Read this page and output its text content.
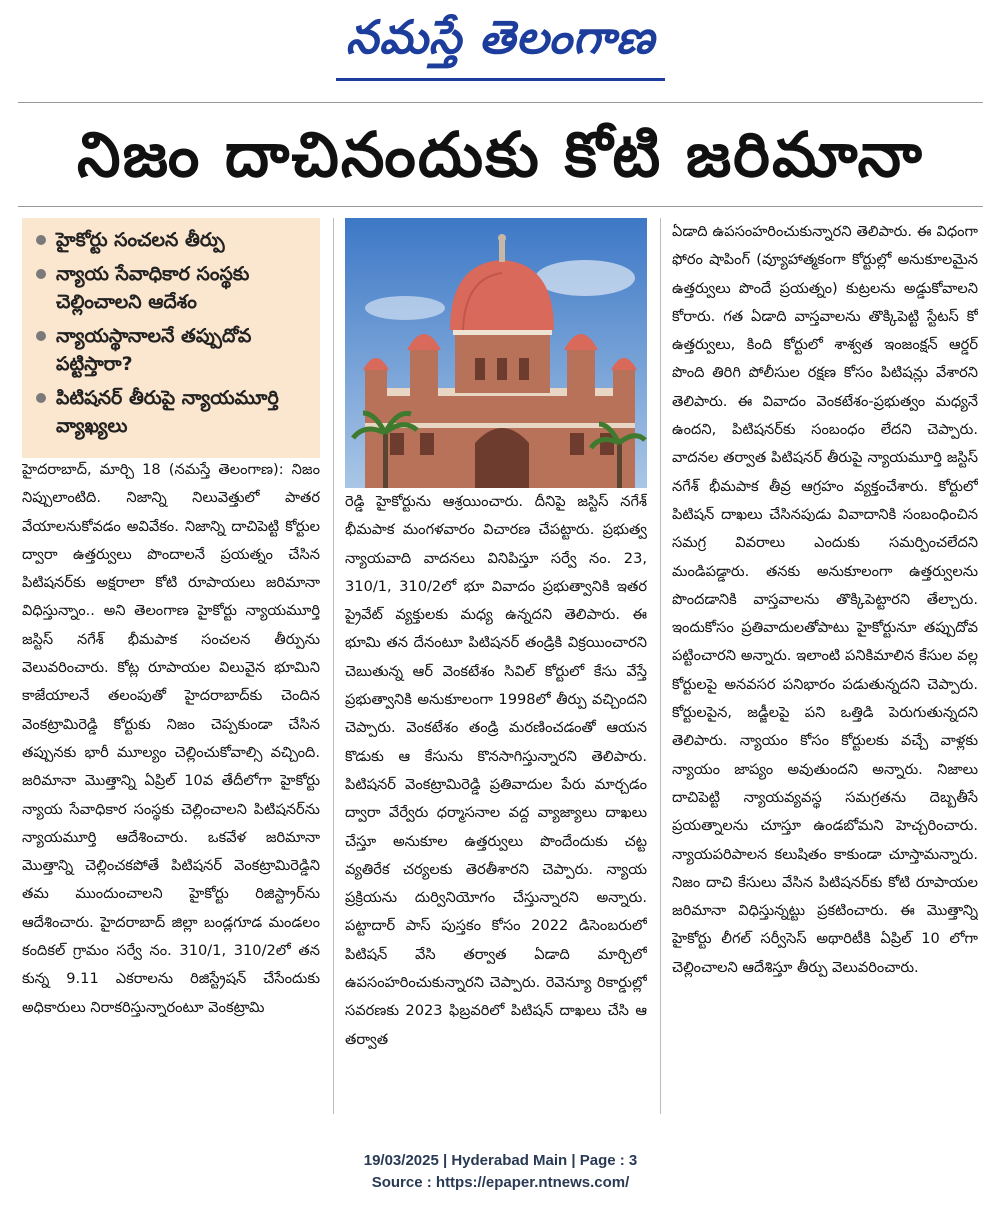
నమస్తే తెలంగాణ
నిజం దాచినందుకు కోటి జరిమానా
హైకోర్టు సంచలన తీర్పు
న్యాయ సేవాధికార సంస్థకు చెల్లించాలని ఆదేశం
న్యాయస్థానాలనే తప్పుదోవ పట్టిస్తారా?
పిటిషనర్ తీరుపై న్యాయమూర్తి వ్యాఖ్యలు

హైదరాబాద్, మార్చి 18 (నమస్తే తెలంగాణ): నిజం నిప్పులాంటిది. నిజాన్ని నిలువెత్తులో పాతర వేయాలనుకోవడం అవివేకం. నిజాన్ని దాచిపెట్టి కోర్టుల ద్వారా ఉత్తర్వులు పొందాలనే ప్రయత్నం చేసిన పిటిషనర్‌కు అక్షరాలా కోటి రూపాయలు జరిమానా విధిస్తున్నాం.. అని తెలంగాణ హైకోర్టు న్యాయమూర్తి జస్టిస్ నగేశ్ భీమపాక సంచలన తీర్పును వెలువరించారు. కోట్ల రూపాయల విలువైన భూమిని కాజేయాలనే తలంపుతో హైదరాబాద్‌కు చెందిన వెంకట్రామిరెడ్డి కోర్టుకు నిజం చెప్పకుండా చేసిన తప్పునకు భారీ మూల్యం చెల్లించుకోవాల్సి వచ్చింది. జరిమానా మొత్తాన్ని ఏప్రిల్ 10వ తేదీలోగా హైకోర్టు న్యాయ సేవాధికార సంస్థకు చెల్లించాలని పిటిషనర్‌ను న్యాయమూర్తి ఆదేశించారు. ఒకవేళ జరిమానా మొత్తాన్ని చెల్లించకపోతే పిటిషనర్ వెంకట్రామిరెడ్డిని తమ ముందుంచాలని హైకోర్టు రిజిస్ట్రార్‌ను ఆదేశించారు. హైదరాబాద్ జిల్లా బండ్లగూడ మండలం కందికల్ గ్రామం సర్వే నం. 310/1, 310/2లో తన కున్న 9.11 ఎకరాలను రిజిస్ట్రేషన్ చేసేందుకు అధికారులు నిరాకరిస్తున్నారంటూ వెంకట్రామి

రెడ్డి హైకోర్టును ఆశ్రయించారు. దీనిపై జస్టిస్ నగేశ్ భీమపాక మంగళవారం విచారణ చేపట్టారు. ప్రభుత్వ న్యాయవాది వాదనలు వినిపిస్తూ సర్వే నం. 23, 310/1, 310/2లో భూ వివాదం ప్రభుత్వానికి ఇతర ప్రైవేట్ వ్యక్తులకు మధ్య ఉన్నదని తెలిపారు. ఈ భూమి తన దేనంటూ పిటిషనర్ తండ్రికి విక్రయించారని చెబుతున్న ఆర్ వెంకటేశం సివిల్ కోర్టులో కేసు వేస్తే ప్రభుత్వానికి అనుకూలంగా 1998లో తీర్పు వచ్చిందని చెప్పారు. వెంకటేశం తండ్రి మరణించడంతో ఆయన కొడుకు ఆ కేసును కొనసాగిస్తున్నారని తెలిపారు. పిటిషనర్ వెంకట్రామిరెడ్డి ప్రతివాదుల పేరు మార్చడం ద్వారా వేర్వేరు ధర్మాసనాల వద్ద వ్యాజ్యాలు దాఖలు చేస్తూ అనుకూల ఉత్తర్వులు పొందేందుకు చట్ట వ్యతిరేక చర్యలకు తెరతీశారని చెప్పారు. న్యాయ ప్రక్రియను దుర్వినియోగం చేస్తున్నారని అన్నారు. పట్టాదార్ పాస్ పుస్తకం కోసం 2022 డిసెంబరులో పిటిషన్ వేసి తర్వాత ఏడాది మార్చిలో ఉపసంహరించుకున్నారని చెప్పారు. రెవెన్యూ రికార్డుల్లో సవరణకు 2023 ఫిబ్రవరిలో పిటిషన్ దాఖలు చేసి ఆ తర్వాత

ఏడాది ఉపసంహరించుకున్నారని తెలిపారు. ఈ విధంగా ఫోరం షాపింగ్ (వ్యూహాత్మకంగా కోర్టుల్లో అనుకూలమైన ఉత్తర్వులు పొందే ప్రయత్నం) కుట్రలను అడ్డుకోవాలని కోరారు. గత ఏడాది వాస్తవాలను తొక్కిపెట్టి స్టేటస్ కో ఉత్తర్వులు, కింది కోర్టులో శాశ్వత ఇంజంక్షన్ ఆర్డర్ పొంది తిరిగి పోలీసుల రక్షణ కోసం పిటిషన్లు వేశారని తెలిపారు. ఈ వివాదం వెంకటేశం-ప్రభుత్వం మధ్యనే ఉందని, పిటిషనర్‌కు సంబంధం లేదని చెప్పారు. వాదనల తర్వాత పిటిషనర్ తీరుపై న్యాయమూర్తి జస్టిస్ నగేశ్ భీమపాక తీవ్ర ఆగ్రహం వ్యక్తంచేశారు. కోర్టులో పిటిషన్ దాఖలు చేసినపుడు వివాదానికి సంబంధించిన సమగ్ర వివరాలు ఎందుకు సమర్పించలేదని మండిపడ్డారు. తనకు అనుకూలంగా ఉత్తర్వులను పొందడానికి వాస్తవాలను తొక్కిపెట్టారని తేల్చారు. ఇందుకోసం ప్రతివాదులతోపాటు హైకోర్టునూ తప్పుదోవ పట్టించారని అన్నారు. ఇలాంటి పనికిమాలిన కేసుల వల్ల కోర్టులపై అనవసర పనిభారం పడుతున్నదని చెప్పారు. కోర్టులపైన, జడ్జీలపై పని ఒత్తిడి పెరుగుతున్నదని తెలిపారు. న్యాయం కోసం కోర్టులకు వచ్చే వాళ్లకు న్యాయం జాప్యం అవుతుందని అన్నారు. నిజాలు దాచిపెట్టి న్యాయవ్యవస్థ సమగ్రతను దెబ్బతీసే ప్రయత్నాలను చూస్తూ ఉండబోమని హెచ్చరించారు. న్యాయపరిపాలన కలుషితం కాకుండా చూస్తామన్నారు. నిజం దాచి కేసులు వేసిన పిటిషనర్‌కు కోటి రూపాయల జరిమానా విధిస్తున్నట్టు ప్రకటించారు. ఈ మొత్తాన్ని హైకోర్టు లీగల్ సర్వీసెస్ అథారిటీకి ఏప్రిల్ 10 లోగా చెల్లించాలని ఆదేశిస్తూ తీర్పు వెలువరించారు.

19/03/2025 | Hyderabad Main | Page : 3
Source : https://epaper.ntnews.com/
